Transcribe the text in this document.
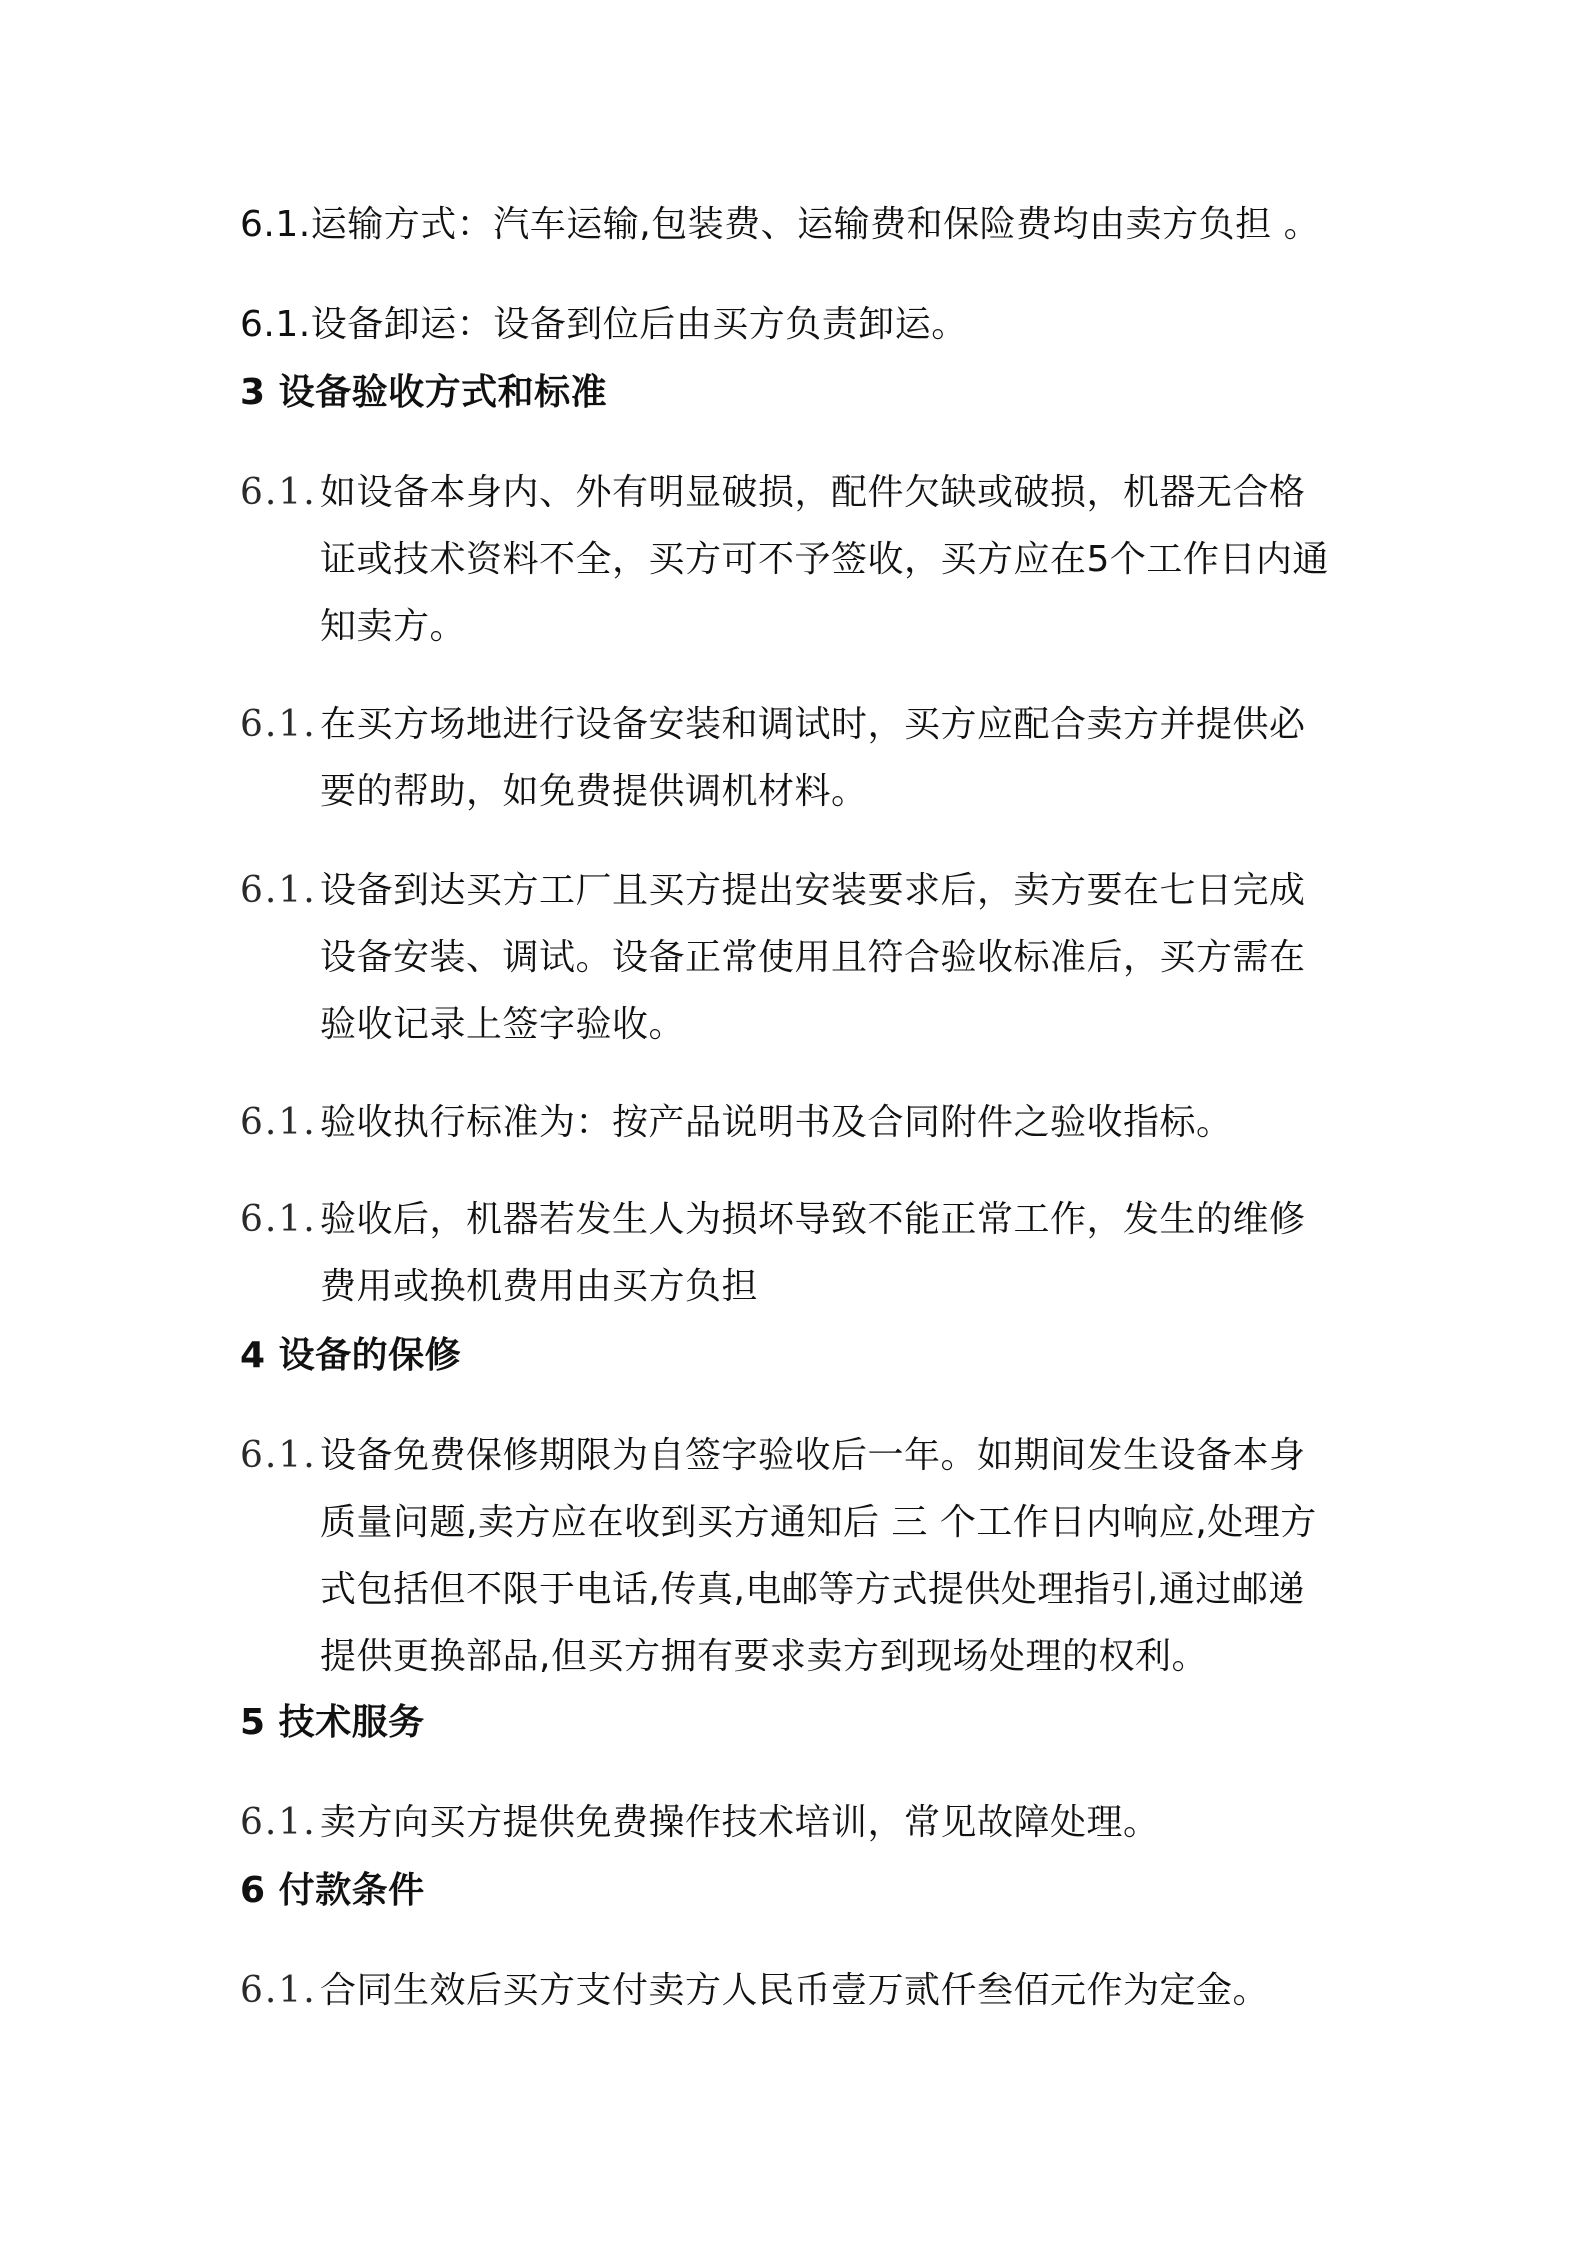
6.1.运输方式：汽车运输,包装费、运输费和保险费均由卖方负担 。
6.1.设备卸运：设备到位后由买方负责卸运。
3 设备验收方式和标准
6.1. 如设备本身内、外有明显破损，配件欠缺或破损，机器无合格
证或技术资料不全，买方可不予签收，买方应在5个工作日内通
知卖方。
6.1. 在买方场地进行设备安装和调试时，买方应配合卖方并提供必
要的帮助，如免费提供调机材料。
6.1. 设备到达买方工厂且买方提出安装要求后，卖方要在七日完成
设备安装、调试。设备正常使用且符合验收标准后，买方需在
验收记录上签字验收。
6.1. 验收执行标准为：按产品说明书及合同附件之验收指标。
6.1. 验收后，机器若发生人为损坏导致不能正常工作，发生的维修
费用或换机费用由买方负担
4 设备的保修
6.1. 设备免费保修期限为自签字验收后一年。如期间发生设备本身
质量问题,卖方应在收到买方通知后 三 个工作日内响应,处理方
式包括但不限于电话,传真,电邮等方式提供处理指引,通过邮递
提供更换部品,但买方拥有要求卖方到现场处理的权利。
5 技术服务
6.1. 卖方向买方提供免费操作技术培训，常见故障处理。
6 付款条件
6.1. 合同生效后买方支付卖方人民币壹万贰仟叁佰元作为定金。
